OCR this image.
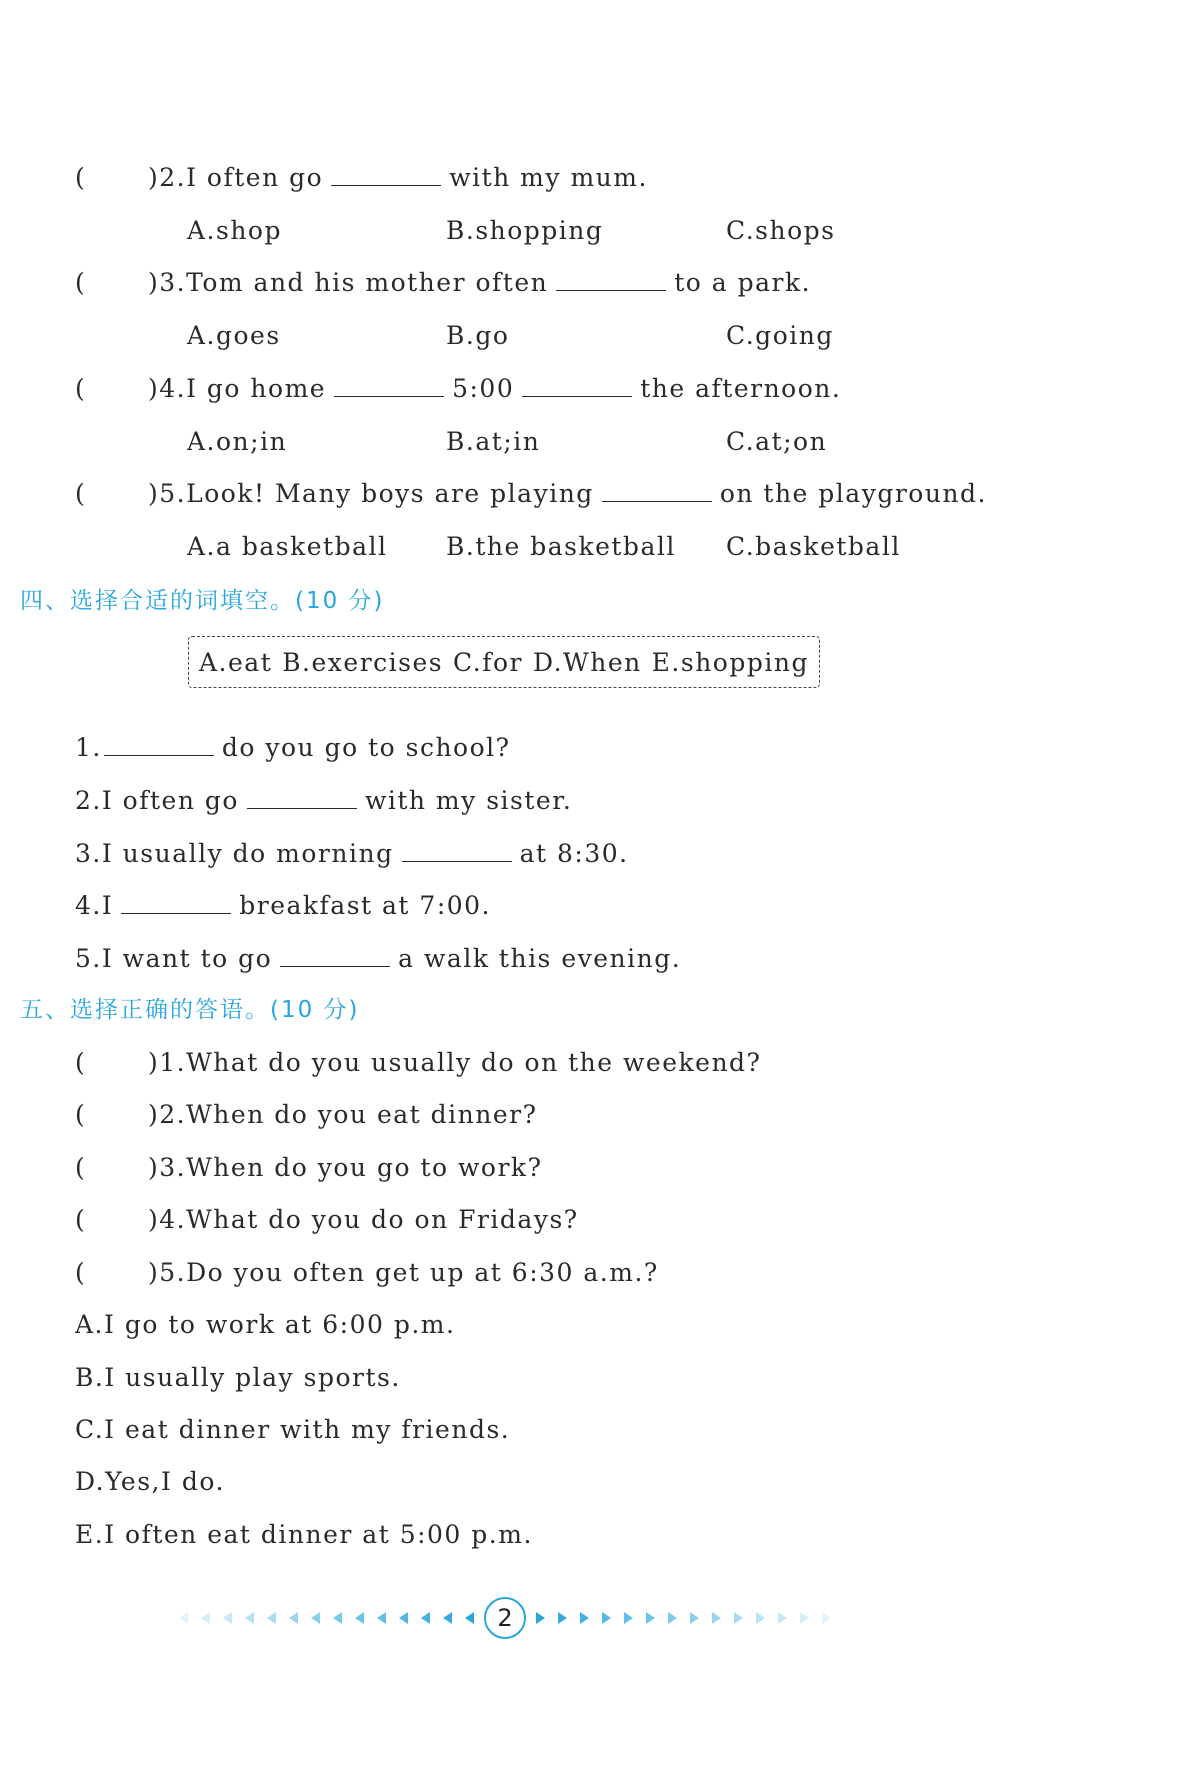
(	)2.I often go	with my mum.
A.shop	B.shopping	C.shops
(	)3.Tom and his mother often	to a park.
A.goes	B.go	C.going
(	)4.I go home	5:00	the afternoon.
A.on;in	B.at;in	C.at;on
(	)5.Look! Many boys are playing	on the playground.
A.a basketball B.the basketball C.basketball
四、选择合适的词填空。(10 分)
A.eat B.exercises C.for D.When E.shopping
1.	do you go to school?
2.I often go	with my sister.
3.I usually do morning	at 8:30.
4.I	breakfast at 7:00.
5.I want to go	a walk this evening.
五、选择正确的答语。(10 分)
(	)1.What do you usually do on the weekend?
(	)2.When do you eat dinner?
(	)3.When do you go to work?
(	)4.What do you do on Fridays?
(	)5.Do you often get up at 6:30 a.m.?
A.I go to work at 6:00 p.m.
B.I usually play sports.
C.I eat dinner with my friends.
D.Yes,I do.
E.I often eat dinner at 5:00 p.m.
2
